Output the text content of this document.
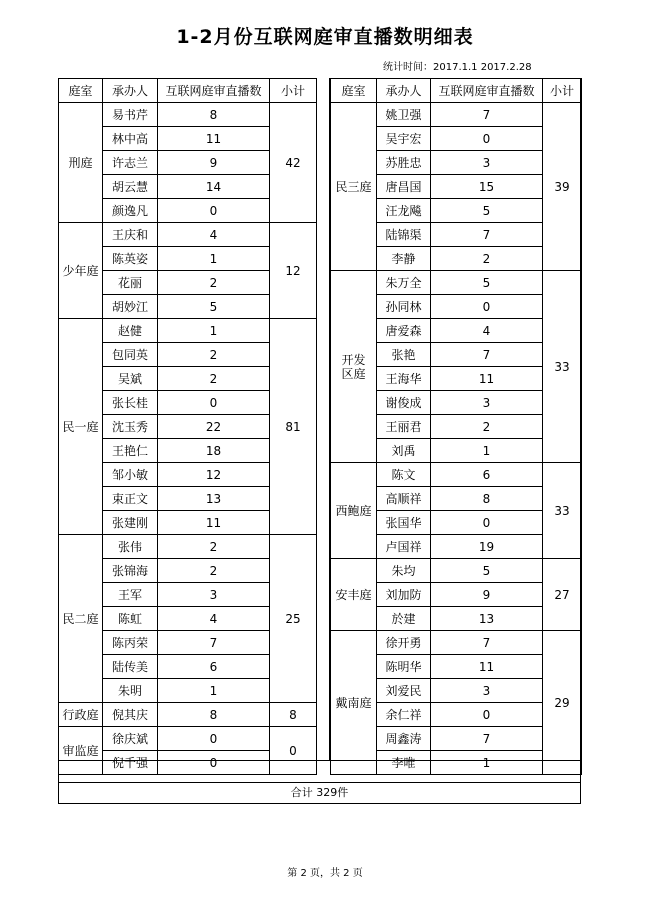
1-2月份互联网庭审直播数明细表
统计时间：2017.1.1 2017.2.28
庭室	承办人	互联网庭审直播数	小计
刑庭	易书芹	8	42
	林中高	11	
	许志兰	9	
	胡云慧	14	
	颜逸凡	0	
少年庭	王庆和	4	12
	陈英姿	1	
	花丽	2	
	胡妙江	5	
民一庭	赵健	1	81
	包同英	2	
	吴斌	2	
	张长桂	0	
	沈玉秀	22	
	王艳仁	18	
	邹小敏	12	
	束正文	13	
	张建刚	11	
民二庭	张伟	2	25
	张锦海	2	
	王军	3	
	陈虹	4	
	陈丙荣	7	
	陆传美	6	
	朱明	1	
行政庭	倪其庆	8	8
审监庭	徐庆斌	0	0
	倪千强	0	
庭室	承办人	互联网庭审直播数	小计
民三庭	姚卫强	7	39
	吴宇宏	0	
	苏胜忠	3	
	唐昌国	15	
	汪龙飚	5	
	陆锦渠	7	
	李静	2	
开发区庭	朱万全	5	33
	孙同林	0	
	唐爱森	4	
	张艳	7	
	王海华	11	
	谢俊成	3	
	王丽君	2	
	刘禹	1	
西鲍庭	陈文	6	33
	高顺祥	8	
	张国华	0	
	卢国祥	19	
安丰庭	朱均	5	27
	刘加防	9	
	於建	13	
戴南庭	徐开勇	7	29
	陈明华	11	
	刘爱民	3	
	余仁祥	0	
	周鑫涛	7	
	李唯	1	
合计 329件
第 2 页，共 2 页
